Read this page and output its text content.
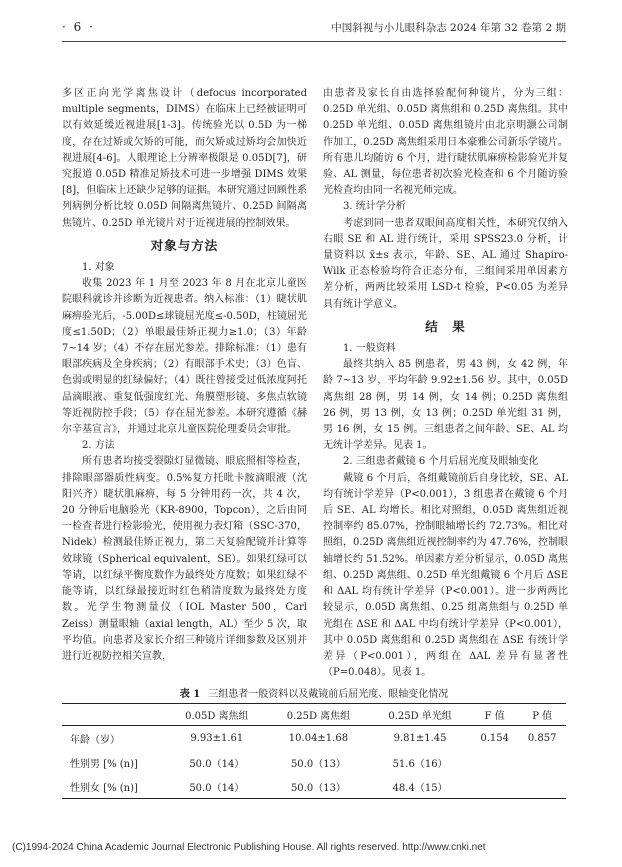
· 6 ·	中国斜视与小儿眼科杂志 2024 年第 32 卷第 2 期

多区正向光学离焦设计（defocus incorporated multiple segments，DIMS）在临床上已经被证明可以有效延缓近视进展[1-3]。传统验光以 0.5D 为一梯度，存在过矫或欠矫的可能，而欠矫或过矫均会加快近视进展[4-6]。人眼理论上分辨率极限是 0.05D[7]，研究报道 0.05D 精准足矫技术可进一步增强 DIMS 效果[8]，但临床上还缺少足够的证据。本研究通过回顾性系列病例分析比较 0.05D 间隔离焦镜片、0.25D 间隔离焦镜片、0.25D 单光镜片对于近视进展的控制效果。

对象与方法
1. 对象

收集 2023 年 1 月至 2023 年 8 月在北京儿童医院眼科就诊并诊断为近视患者。纳入标准：（1）睫状肌麻痹验光后，-5.00D≤球镜屈光度≤-0.50D，柱镜屈光度≤1.50D；（2）单眼最佳矫正视力≥1.0；（3）年龄 7~14 岁；（4）不存在屈光参差。排除标准：（1）患有眼部疾病及全身疾病；（2）有眼部手术史；（3）色盲、色弱或明显的红绿偏好；（4）既往曾接受过低浓度阿托品滴眼液、重复低强度红光、角膜塑形镜、多焦点软镜等近视防控手段；（5）存在屈光参差。本研究遵循《赫尔辛基宣言》，并通过北京儿童医院伦理委员会审批。

2. 方法

所有患者均接受裂隙灯显微镜、眼底照相等检查，排除眼部器质性病变。0.5%复方托吡卡胺滴眼液（沈阳兴齐）睫状肌麻痹，每 5 分钟用药一次，共 4 次，20 分钟后电脑验光（KR-8900，Topcon），之后由同一检查者进行检影验光，使用视力表灯箱（SSC-370，Nidek）检测最佳矫正视力，第二天复验配镜并计算等效球镜（Spherical equivalent，SE）。如果红绿可以等请，以红绿平衡度数作为最终处方度数；如果红绿不能等请，以红绿最接近时红色稍清度数为最终处方度数。光学生物测量仪（IOL Master 500，Carl Zeiss）测量眼轴（axial length，AL）至少 5 次，取平均值。向患者及家长介绍三种镜片详细参数及区别并进行近视防控相关宣教，

由患者及家长自由选择验配何种镜片，分为三组：0.25D 单光组、0.05D 离焦组和 0.25D 离焦组。其中 0.25D 单光组、0.05D 离焦组镜片由北京明灏公司制作加工，0.25D 离焦组采用日本豪雅公司新乐学镜片。所有患儿均随访 6 个月，进行睫状肌麻痹检影验光并复验、AL 测量，每位患者初次验光检查和 6 个月随访验光检查均由同一名视光师完成。

3. 统计学分析

考虑到同一患者双眼间高度相关性，本研究仅纳入右眼 SE 和 AL 进行统计，采用 SPSS23.0 分析，计量资料以 x̄±s 表示，年龄、SE、AL 通过 Shapiro-Wilk 正态检验均符合正态分布，三组间采用单因素方差分析，两两比较采用 LSD-t 检验，P<0.05 为差异具有统计学意义。

结　果
1. 一般资料

最终共纳入 85 例患者，男 43 例，女 42 例，年龄 7~13 岁，平均年龄 9.92±1.56 岁。其中，0.05D 离焦组 28 例，男 14 例，女 14 例；0.25D 离焦组 26 例，男 13 例，女 13 例；0.25D 单光组 31 例，男 16 例，女 15 例。三组患者之间年龄、SE、AL 均无统计学差异。见表 1。

2. 三组患者戴镜 6 个月后屈光度及眼轴变化

戴镜 6 个月后，各组戴镜前后自身比较，SE、AL 均有统计学差异（P<0.001），3 组患者在戴镜 6 个月后 SE、AL 均增长。相比对照组，0.05D 离焦组近视控制率约 85.07%，控制眼轴增长约 72.73%。相比对照组，0.25D 离焦组近视控制率约为 47.76%，控制眼轴增长约 51.52%。单因素方差分析显示，0.05D 离焦组、0.25D 离焦组、0.25D 单光组戴镜 6 个月后 ΔSE 和 ΔAL 均有统计学差异（P<0.001）。进一步两两比较显示，0.05D 离焦组、0.25 组离焦组与 0.25D 单光组在 ΔSE 和 ΔAL 中均有统计学差异（P<0.001），其中 0.05D 离焦组和 0.25D 离焦组在 ΔSE 有统计学差异（P<0.001），两组在 ΔAL 差异有显著性（P=0.048）。见表 1。

表 1 三组患者一般资料以及戴镜前后屈光度、眼轴变化情况
	0.05D 离焦组	0.25D 离焦组	0.25D 单光组	F 值	P 值
年龄（岁）	9.93±1.61	10.04±1.68	9.81±1.45	0.154	0.857
性别男 [% (n)]	50.0（14）	50.0（13）	51.6（16）		
性别女 [% (n)]	50.0（14）	50.0（13）	48.4（15）		
(C)1994-2024 China Academic Journal Electronic Publishing House. All rights reserved. http://www.cnki.net
